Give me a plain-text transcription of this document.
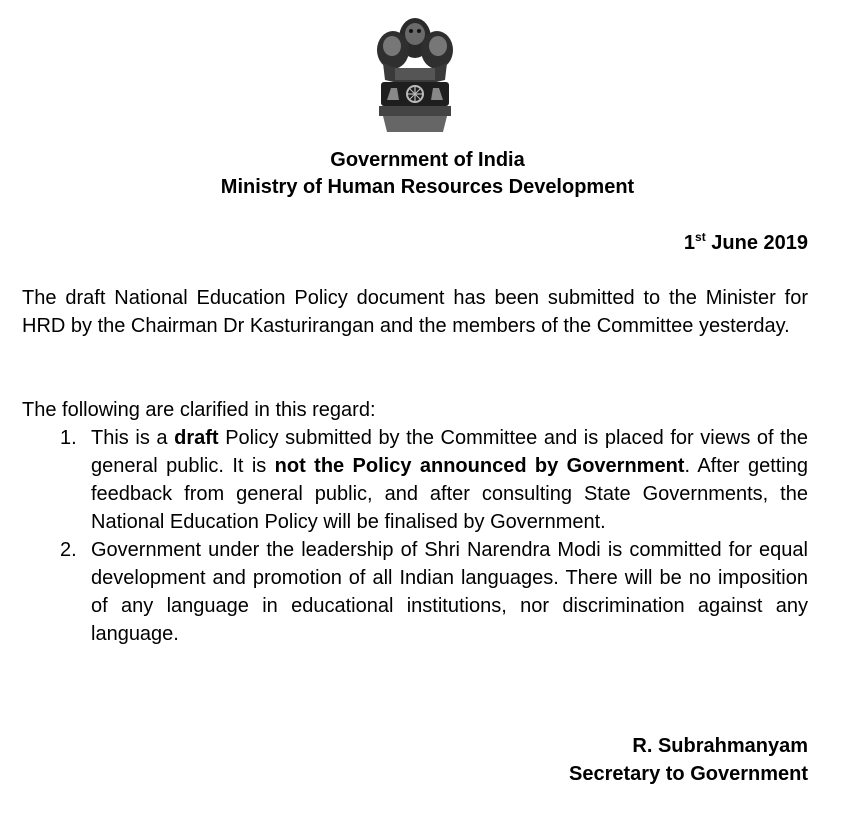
Government of India
Ministry of Human Resources Development
1st June 2019
The draft National Education Policy document has been submitted to the Minister for HRD by the Chairman Dr Kasturirangan and the members of the Committee yesterday.
The following are clarified in this regard:
1. This is a draft Policy submitted by the Committee and is placed for views of the general public. It is not the Policy announced by Government. After getting feedback from general public, and after consulting State Governments, the National Education Policy will be finalised by Government.
2. Government under the leadership of Shri Narendra Modi is committed for equal development and promotion of all Indian languages. There will be no imposition of any language in educational institutions, nor discrimination against any language.
R. Subrahmanyam
Secretary to Government
